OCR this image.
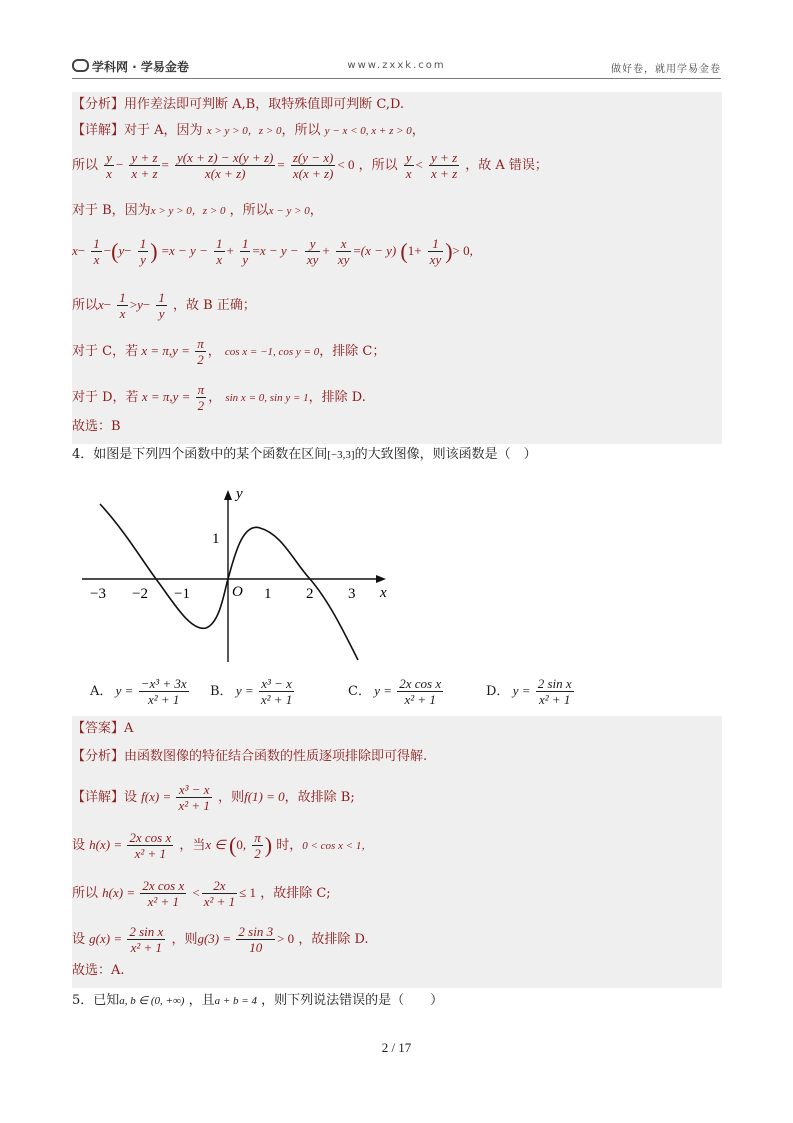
学科网 · 学易金卷	www.zxxk.com	做好卷，就用学易金卷
【分析】用作差法即可判断 A,B，取特殊值即可判断 C,D.
【详解】对于 A，因为 x > y > 0，z > 0，所以 y − x < 0, x + z > 0，
所以 $\frac{y}{x} - \frac{y + z}{x + z} = \frac{y(x + z) - x(y + z)}{x(x + z)} = \frac{z(y - x)}{x(x + z)} < 0$ ，所以 $\frac{y}{x} < \frac{y + z}{x + z}$ ，故 A 错误；
对于 B，因为x > y > 0，z > 0 ，所以x − y > 0，
$x- \frac{1}{x} -(y- \frac{1}{y}$ ) $=x - y - \frac{1}{x} + \frac{1}{y} =x - y - \frac{y}{xy} + \frac{x}{xy} =(x - y)$ ($1+ \frac{1}{xy}$ )> 0,
所以$x- \frac{1}{x} >y- \frac{1}{y}$ ，故 B 正确；
对于 C，若 $x = \pi,y = \frac{\pi}{2}$ ， cos x = −1, cos y = 0，排除 C；
对于 D，若 $x = \pi,y = \frac{\pi}{2}$ ， sin x = 0, sin y = 1，排除 D.
故选：B
4．如图是下列四个函数中的某个函数在区间[−3,3]的大致图像，则该函数是（　）
y
x
O
1
−3 −2 −1	1 2 3
A． $y = \frac{\text{−x³ + 3x}}{\text{x² + 1}}$ B． $y = \frac{\text{x³ − x}}{\text{x² + 1}}$	C． $y = \frac{\text{2x cos x}}{\text{x² + 1}}$	D． $y = \frac{\text{2 sin x}}{\text{x² + 1}}$
【答案】A
【分析】由函数图像的特征结合函数的性质逐项排除即可得解.
【详解】设 $f(x) = \frac{\text{x³ − x}}{\text{x² + 1}}$ ，则f(1) = 0，故排除 B;
设 $h(x) = \frac{\text{2x cos x}}{\text{x² + 1}}$ ，当x ∈ (0, $\frac{\pi}{2}$ ) 时，0 < cos x < 1，
所以 $h(x) = \frac{\text{2x cos x}}{\text{x² + 1}} < \frac{2x}{\text{x² + 1}} \le 1$ ，故排除 C;
设 $g(x) = \frac{\text{2 sin x}}{\text{x² + 1}}$ ，则$g(3) = \frac{2 \sin 3}{10} > 0$ ，故排除 D.
故选：A.
5．已知a, b ∈ (0, +∞) ，且a + b = 4 ，则下列说法错误的是（　　）
2 / 17
